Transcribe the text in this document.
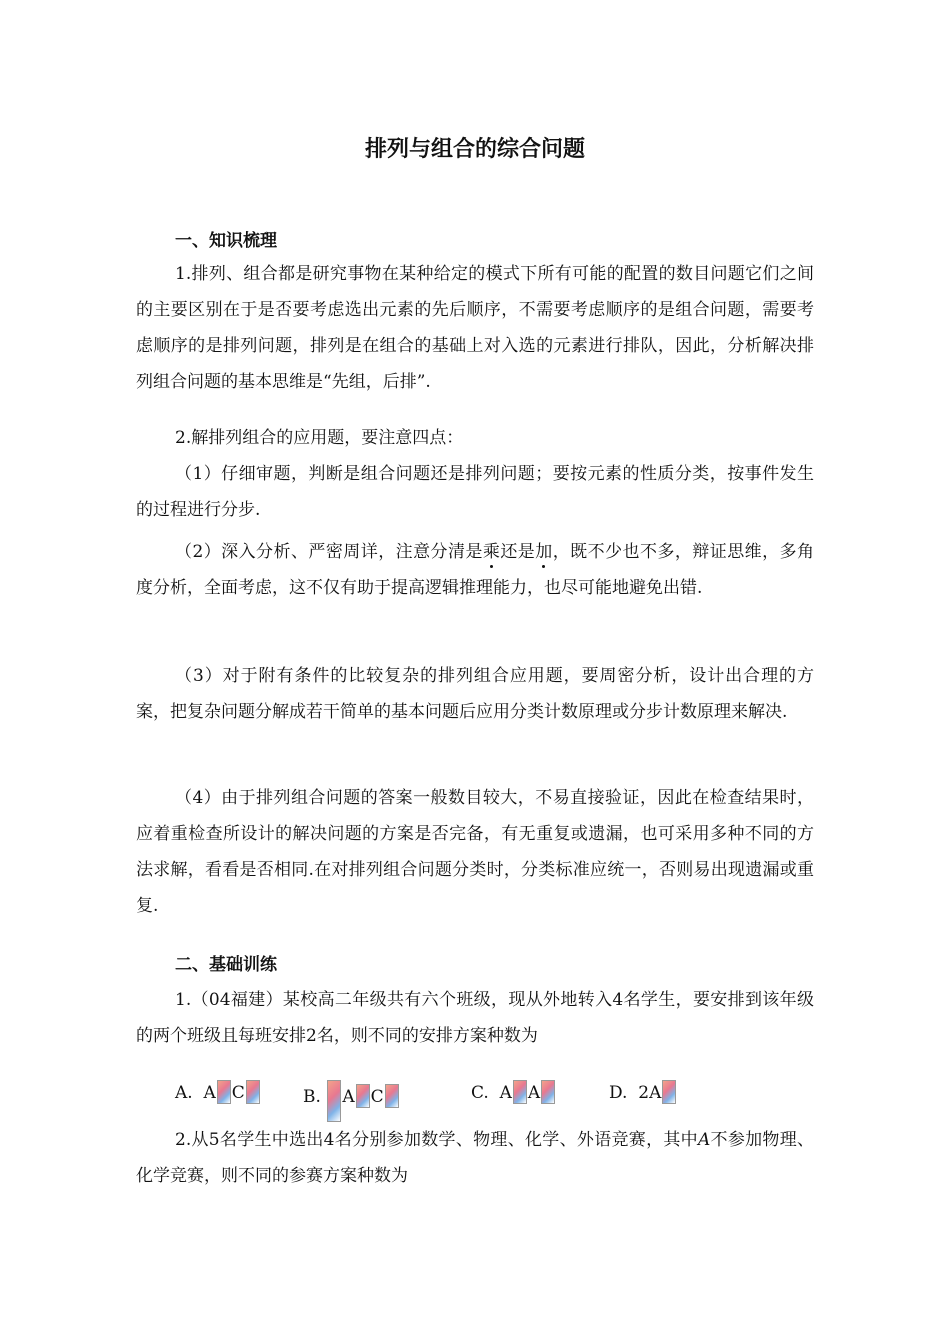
排列与组合的综合问题
一、知识梳理

1.排列、组合都是研究事物在某种给定的模式下所有可能的配置的数目问题它们之间的主要区别在于是否要考虑选出元素的先后顺序，不需要考虑顺序的是组合问题，需要考虑顺序的是排列问题，排列是在组合的基础上对入选的元素进行排队，因此，分析解决排列组合问题的基本思维是“先组，后排”.

2.解排列组合的应用题，要注意四点：

（1）仔细审题，判断是组合问题还是排列问题；要按元素的性质分类，按事件发生的过程进行分步.

（2）深入分析、严密周详，注意分清是乘还是加，既不少也不多，辩证思维，多角度分析，全面考虑，这不仅有助于提高逻辑推理能力，也尽可能地避免出错.

（3）对于附有条件的比较复杂的排列组合应用题，要周密分析，设计出合理的方案，把复杂问题分解成若干简单的基本问题后应用分类计数原理或分步计数原理来解决.

（4）由于排列组合问题的答案一般数目较大，不易直接验证，因此在检查结果时，应着重检查所设计的解决问题的方案是否完备，有无重复或遗漏，也可采用多种不同的方法求解，看看是否相同.在对排列组合问题分类时，分类标准应统一，否则易出现遗漏或重复.

二、基础训练

1.（04福建）某校高二年级共有六个班级，现从外地转入4名学生，要安排到该年级的两个班级且每班安排2名，则不同的安排方案种数为

A. A C	B. A C	C. A A	D. 2A

2.从5名学生中选出4名分别参加数学、物理、化学、外语竞赛，其中A不参加物理、化学竞赛，则不同的参赛方案种数为
